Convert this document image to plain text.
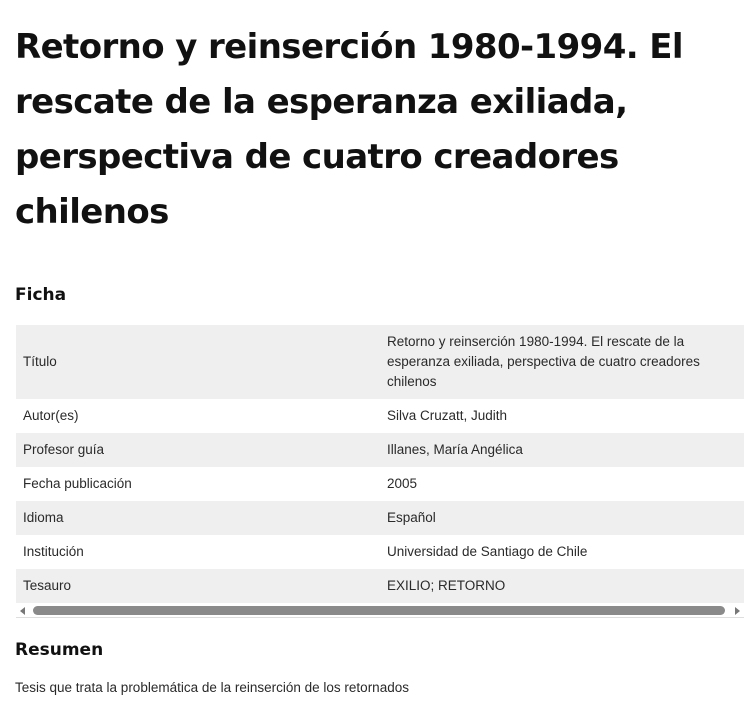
Retorno y reinserción 1980-1994. El rescate de la esperanza exiliada, perspectiva de cuatro creadores chilenos
Ficha
Título	Retorno y reinserción 1980-1994. El rescate de la esperanza exiliada, perspectiva de cuatro creadores chilenos
Autor(es)	Silva Cruzatt, Judith
Profesor guía	Illanes, María Angélica
Fecha publicación	2005
Idioma	Español
Institución	Universidad de Santiago de Chile
Tesauro	EXILIO; RETORNO
Resumen

Tesis que trata la problemática de la reinserción de los retornados
